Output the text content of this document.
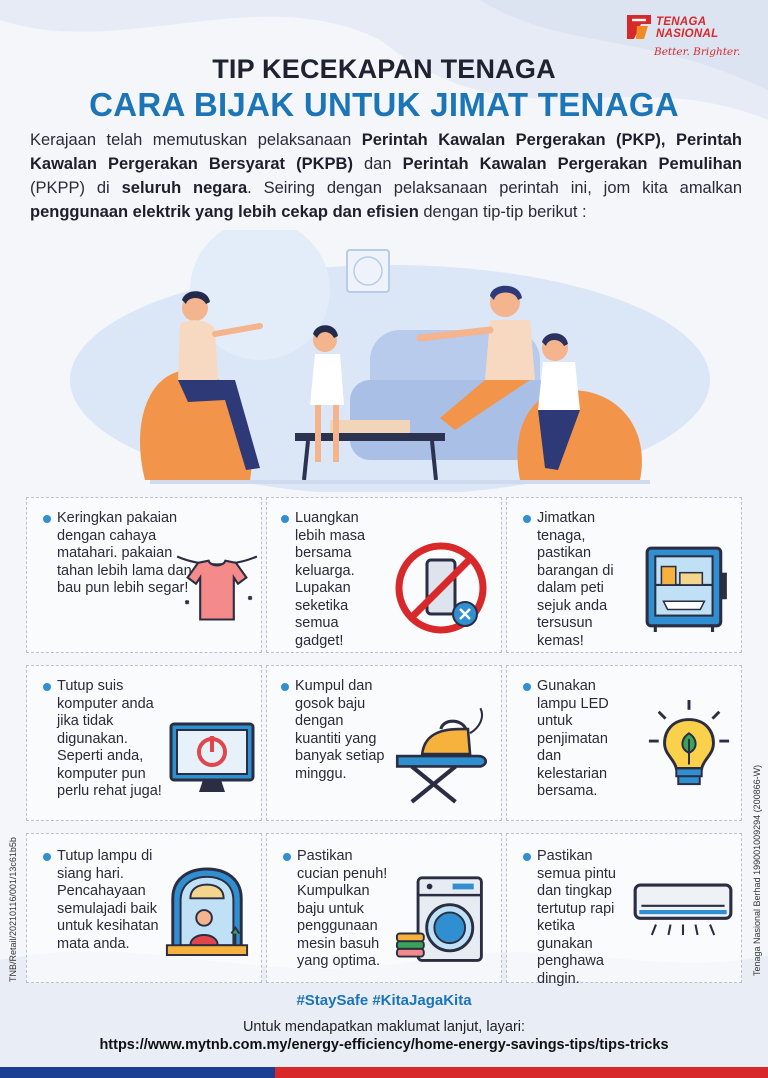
TENAGA
NASIONAL
Better. Brighter.
TIP KECEKAPAN TENAGA
CARA BIJAK UNTUK JIMAT TENAGA
Kerajaan telah memutuskan pelaksanaan Perintah Kawalan Pergerakan (PKP), Perintah Kawalan Pergerakan Bersyarat (PKPB) dan Perintah Kawalan Pergerakan Pemulihan (PKPP) di seluruh negara. Seiring dengan pelaksanaan perintah ini, jom kita amalkan penggunaan elektrik yang lebih cekap dan efisien dengan tip-tip berikut :
Keringkan pakaian dengan cahaya matahari. pakaian tahan lebih lama dan bau pun lebih segar!
Luangkan lebih masa bersama keluarga. Lupakan seketika semua gadget!
Jimatkan tenaga, pastikan barangan di dalam peti sejuk anda tersusun kemas!
Tutup suis komputer anda jika tidak digunakan. Seperti anda, komputer pun perlu rehat juga!
Kumpul dan gosok baju dengan kuantiti yang banyak setiap minggu.
Gunakan lampu LED untuk penjimatan dan kelestarian bersama.
Tutup lampu di siang hari. Pencahayaan semulajadi baik untuk kesihatan mata anda.
Pastikan cucian penuh! Kumpulkan baju untuk penggunaan mesin basuh yang optima.
Pastikan semua pintu dan tingkap tertutup rapi ketika gunakan penghawa dingin.
#StaySafe #KitaJagaKita
Untuk mendapatkan maklumat lanjut, layari:
https://www.mytnb.com.my/energy-efficiency/home-energy-savings-tips/tips-tricks
TNB/Retail/20210116/001/13c61b5b	Tenaga Nasional Berhad 199001009294 (200866-W)
